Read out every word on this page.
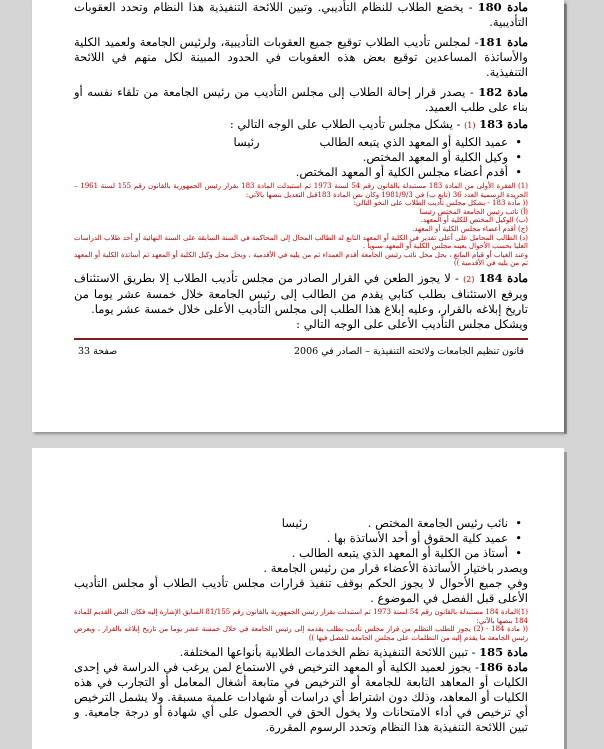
مادة 180 - يخضع الطلاب للنظام التأديبي. وتبين اللائحة التنفيذية هذا النظام وتحدد العقوبات التأديبية.

مادة 181- لمجلس تأديب الطلاب توقيع جميع العقوبات التأديبية، ولرئيس الجامعة ولعميد الكلية والأساتذة المساعدين توقيع بعض هذه العقوبات في الحدود المبينة لكل منهم في اللائحة التنفيذية.

مادة 182 - يصدر قرار إحالة الطلاب إلى مجلس التأديب من رئيس الجامعة من تلقاء نفسه أو بناء على طلب العميد.

مادة 183 (1) - يشكل مجلس تأديب الطلاب على الوجه التالي :

• عميد الكلية أو المعهد الذي يتبعه الطالبرئيسا
• وكيل الكلية أو المعهد المختص.
• أقدم أعضاء مجلس الكلية أو المعهد المختص.

(1) الفقرة الأولى من المادة 183 مستبدلة بالقانون رقم 54 لسنة 1973 ثم استبدلت المادة 183 بقرار رئيس الجمهورية بالقانون رقم 155 لسنة 1961 – الجريدة الرسمية العدد 36 (تابع ب) في 1981/9/3 وكان نص المادة 183قبل التعديل بنصها بالآتي:

(( مادة 183 - يشكل مجلس تأديب الطلاب على النحو التالي:

(أ) نائب رئيس الجامعة المختص رئيسا

(ب) الوكيل المختص للكلية أو المعهد.

(ج) أقدم أعضاء مجلس الكلية أو المعهد.

(د) الطالب المحامل على أعلى تقدير في الكلية أو المعهد التابع له الطالب المحال إلى المحاكمة في السنة السابقة على السنة النهائية أو أحد طلاب الدراسات العليا بحسب الأحوال بعينه مجلس الكلية أو المعهد سنويا .

وعند الغياب أو قيام المانع ، يحل محل نائب رئيس الجامعة أقدم العمداء ثم من يليه في الأقدمية ، ويحل محل وكيل الكلية أو المعهد ثم أساتذة الكلية أو المعهد ثم من يليه في الأقدمية ))

مادة 184 (2) - لا يجوز الطعن في القرار الصادر من مجلس تأديب الطلاب إلا بطريق الاستئناف ويرفع الاستئناف بطلب كتابي يقدم من الطالب إلى رئيس الجامعة خلال خمسة عشر يوما من تاريخ إبلاغه بالقرار، وعليه إبلاغ هذا الطلب إلى مجلس التأديب الأعلى خلال خمسة عشر يوما.

ويشكل مجلس التأديب الأعلى على الوجه التالي :

قانون تنظيم الجامعات ولائحته التنفيذية – الصادر في 2006
صفحة 33
• نائب رئيس الجامعة المختص .رئيسا
• عميد كلية الحقوق أو أحد الأساتذة بها .
• أستاذ من الكلية أو المعهد الذي يتبعه الطالب .

ويصدر باختيار الأساتذة الأعضاء قرار من رئيس الجامعة .

وفي جميع الأحوال لا يجوز الحكم بوقف تنفيذ قرارات مجلس تأديب الطلاب أو مجلس التأديب الأعلى قبل الفصل في الموضوع .

(1)المادة 184 مستبدلة بالقانون رقم 54 لسنة 1973 ثم استبدلت بقرار رئيس الجمهورية بالقانون رقم 81/155 السابق الإشارة إليه فكان النص القديم للمادة 184 بنصها بالآتي:

(( مادة 184 - (2) يجوز للطلب التظلم من قرار مجلس تأديب بطلب يقدمه إلى رئيس الجامعة في خلال خمسة عشر يوما من تاريخ إبلاغه بالقرار ، ويعرض رئيس الجامعة ما يقدم إليه من التظلمات على مجلس الجامعة للفصل فيها ))

مادة 185 - تبين اللائحة التنفيذية نظم الخدمات الطلابية بأنواعها المختلفة.

مادة 186- يجوز لعميد الكلية أو المعهد الترخيص في الاستماع لمن يرغب في الدراسة في إحدى الكليات أو المعاهد التابعة للجامعة أو الترخيص في متابعة أشغال المعامل أو التجارب في هذه الكليات أو المعاهد، وذلك دون اشتراط أي دراسات أو شهادات علمية مسبقة. ولا يشمل الترخيص أي ترخيص في أداء الامتحانات ولا يخول الحق في الحصول على أي شهادة أو درجة جامعية. و تبين اللائحة التنفيذية هذا النظام وتحدد الرسوم المقررة.
